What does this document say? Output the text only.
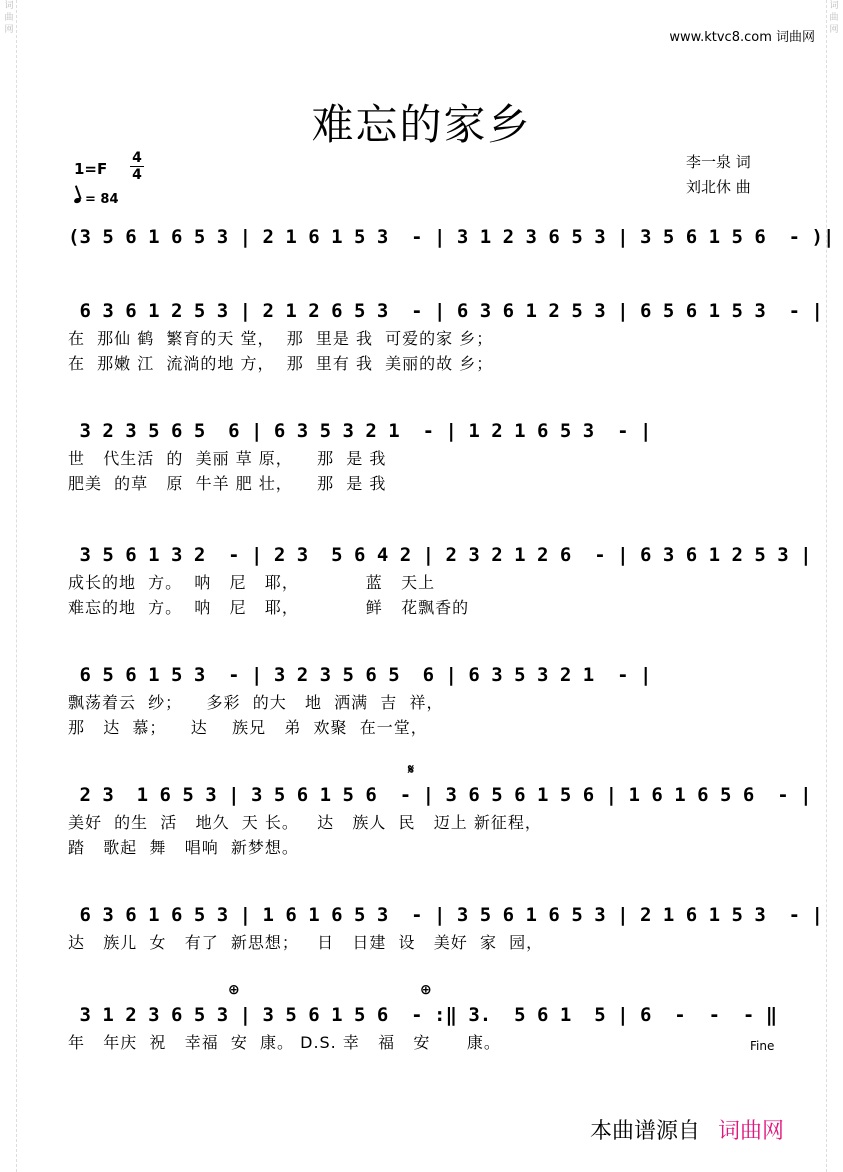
词曲网
词曲网
www.ktvc8.com 词曲网
难忘的家乡
1=F
4
4
= 84
李一泉 词
刘北休 曲
(3 5 6 1 6 5 3 | 2 1 6 1 5 3  - | 3 1 2 3 6 5 3 | 3 5 6 1 5 6  - )|
6 3 6 1 2 5 3 | 2 1 2 6 5 3  - | 6 3 6 1 2 5 3 | 6 5 6 1 5 3  - |
在  那仙 鹤  繁育的天 堂，  那  里是 我  可爱的家 乡；
在  那嫩 江  流淌的地 方，  那  里有 我  美丽的故 乡；
3 2 3 5 6 5  6 | 6 3 5 3 2 1  - | 1 2 1 6 5 3  - |
世   代生活  的  美丽 草 原，    那  是 我
肥美  的草   原  牛羊 肥 壮，    那  是 我
3 5 6 1 3 2  - | 2 3  5 6 4 2 | 2 3 2 1 2 6  - | 6 3 6 1 2 5 3 |
成长的地  方。  呐   尼   耶，           蓝   天上
难忘的地  方。  呐   尼   耶，           鲜   花飘香的
6 5 6 1 5 3  - | 3 2 3 5 6 5  6 | 6 3 5 3 2 1  - |
飘荡着云  纱；    多彩  的大   地  洒满  吉  祥，
那   达  慕；    达    族兄   弟  欢聚  在一堂，
2 3  1 6 5 3 | 3 5 6 1 5 6  - | 3 6 5 6 1 5 6 | 1 6 1 6 5 6  - |
美好  的生  活   地久  天 长。   达   族人  民   迈上 新征程，
踏   歌起  舞   唱响  新梦想。
6 3 6 1 6 5 3 | 1 6 1 6 5 3  - | 3 5 6 1 6 5 3 | 2 1 6 1 5 3  - |
达   族儿  女   有了  新思想；   日   日建  设   美好  家  园，
3 1 2 3 6 5 3 | 3 5 6 1 5 6  - :‖ 3.  5 6 1  5 | 6  -  -  - ‖
年   年庆  祝   幸福  安  康。 D.S. 幸   福   安      康。
𝄋
⊕	⊕
Fine
本曲谱源自 词曲网
